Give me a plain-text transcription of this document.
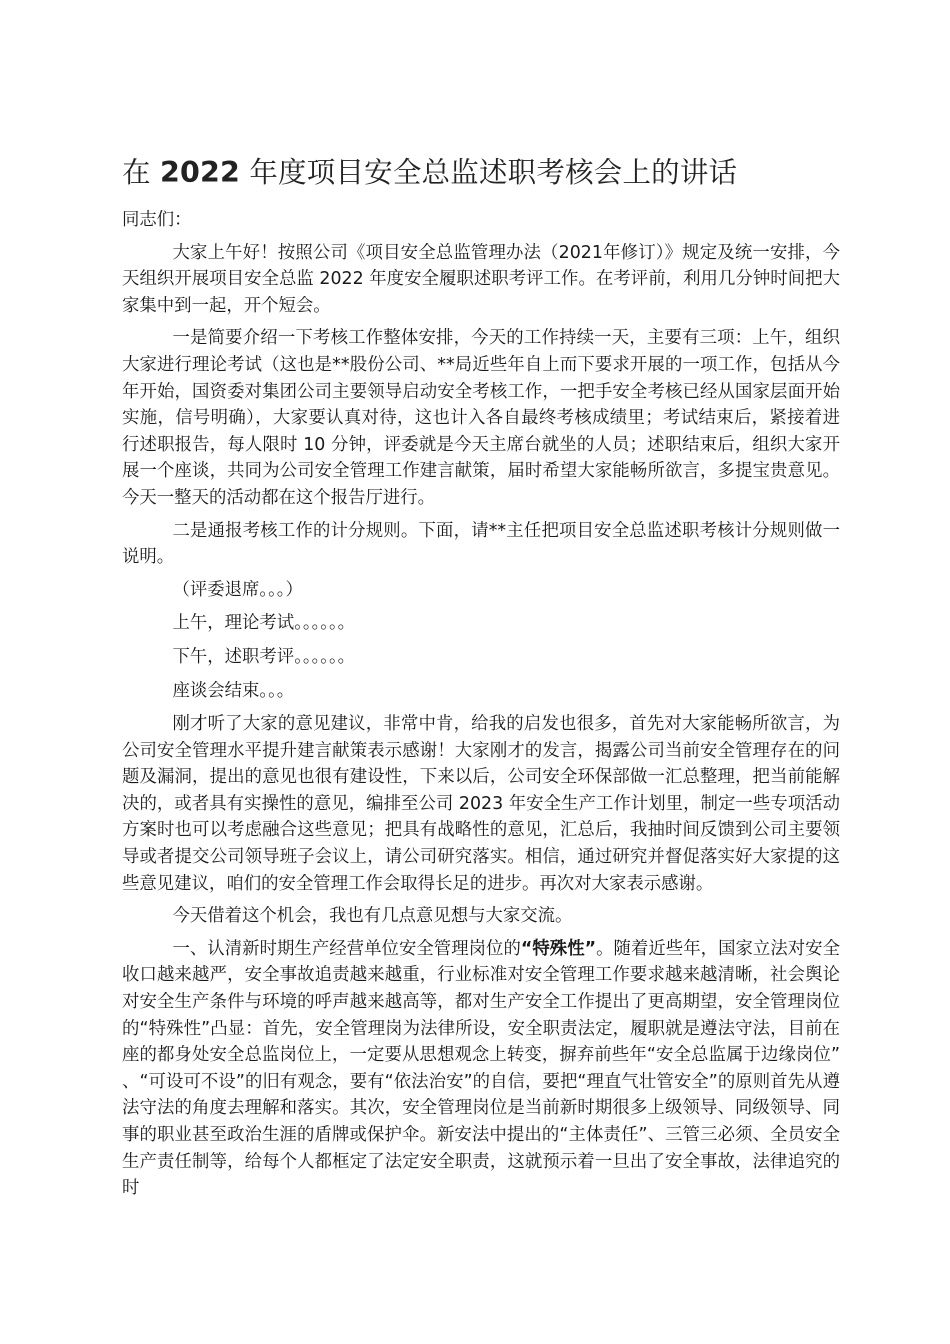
在 2022 年度项目安全总监述职考核会上的讲话

同志们：

大家上午好！按照公司《项目安全总监管理办法（2021年修订）》规定及统一安排，今天组织开展项目安全总监 2022 年度安全履职述职考评工作。在考评前，利用几分钟时间把大家集中到一起，开个短会。

一是简要介绍一下考核工作整体安排，今天的工作持续一天，主要有三项：上午，组织大家进行理论考试（这也是**股份公司、**局近些年自上而下要求开展的一项工作，包括从今年开始，国资委对集团公司主要领导启动安全考核工作，一把手安全考核已经从国家层面开始实施，信号明确），大家要认真对待，这也计入各自最终考核成绩里；考试结束后，紧接着进行述职报告，每人限时 10 分钟，评委就是今天主席台就坐的人员；述职结束后，组织大家开展一个座谈，共同为公司安全管理工作建言献策，届时希望大家能畅所欲言，多提宝贵意见。今天一整天的活动都在这个报告厅进行。

二是通报考核工作的计分规则。下面，请**主任把项目安全总监述职考核计分规则做一说明。

（评委退席。。。）

上午，理论考试。。。。。。

下午，述职考评。。。。。。

座谈会结束。。。

刚才听了大家的意见建议，非常中肯，给我的启发也很多，首先对大家能畅所欲言，为公司安全管理水平提升建言献策表示感谢！大家刚才的发言，揭露公司当前安全管理存在的问题及漏洞，提出的意见也很有建设性，下来以后，公司安全环保部做一汇总整理，把当前能解决的，或者具有实操性的意见，编排至公司 2023 年安全生产工作计划里，制定一些专项活动方案时也可以考虑融合这些意见；把具有战略性的意见，汇总后，我抽时间反馈到公司主要领导或者提交公司领导班子会议上，请公司研究落实。相信，通过研究并督促落实好大家提的这些意见建议，咱们的安全管理工作会取得长足的进步。再次对大家表示感谢。

今天借着这个机会，我也有几点意见想与大家交流。

一、认清新时期生产经营单位安全管理岗位的“特殊性”。随着近些年，国家立法对安全收口越来越严，安全事故追责越来越重，行业标准对安全管理工作要求越来越清晰，社会舆论对安全生产条件与环境的呼声越来越高等，都对生产安全工作提出了更高期望，安全管理岗位的“特殊性”凸显：首先，安全管理岗为法律所设，安全职责法定，履职就是遵法守法，目前在座的都身处安全总监岗位上，一定要从思想观念上转变，摒弃前些年“安全总监属于边缘岗位”、“可设可不设”的旧有观念，要有“依法治安”的自信，要把“理直气壮管安全”的原则首先从遵法守法的角度去理解和落实。其次，安全管理岗位是当前新时期很多上级领导、同级领导、同事的职业甚至政治生涯的盾牌或保护伞。新安法中提出的“主体责任”、三管三必须、全员安全生产责任制等，给每个人都框定了法定安全职责，这就预示着一旦出了安全事故，法律追究的时
